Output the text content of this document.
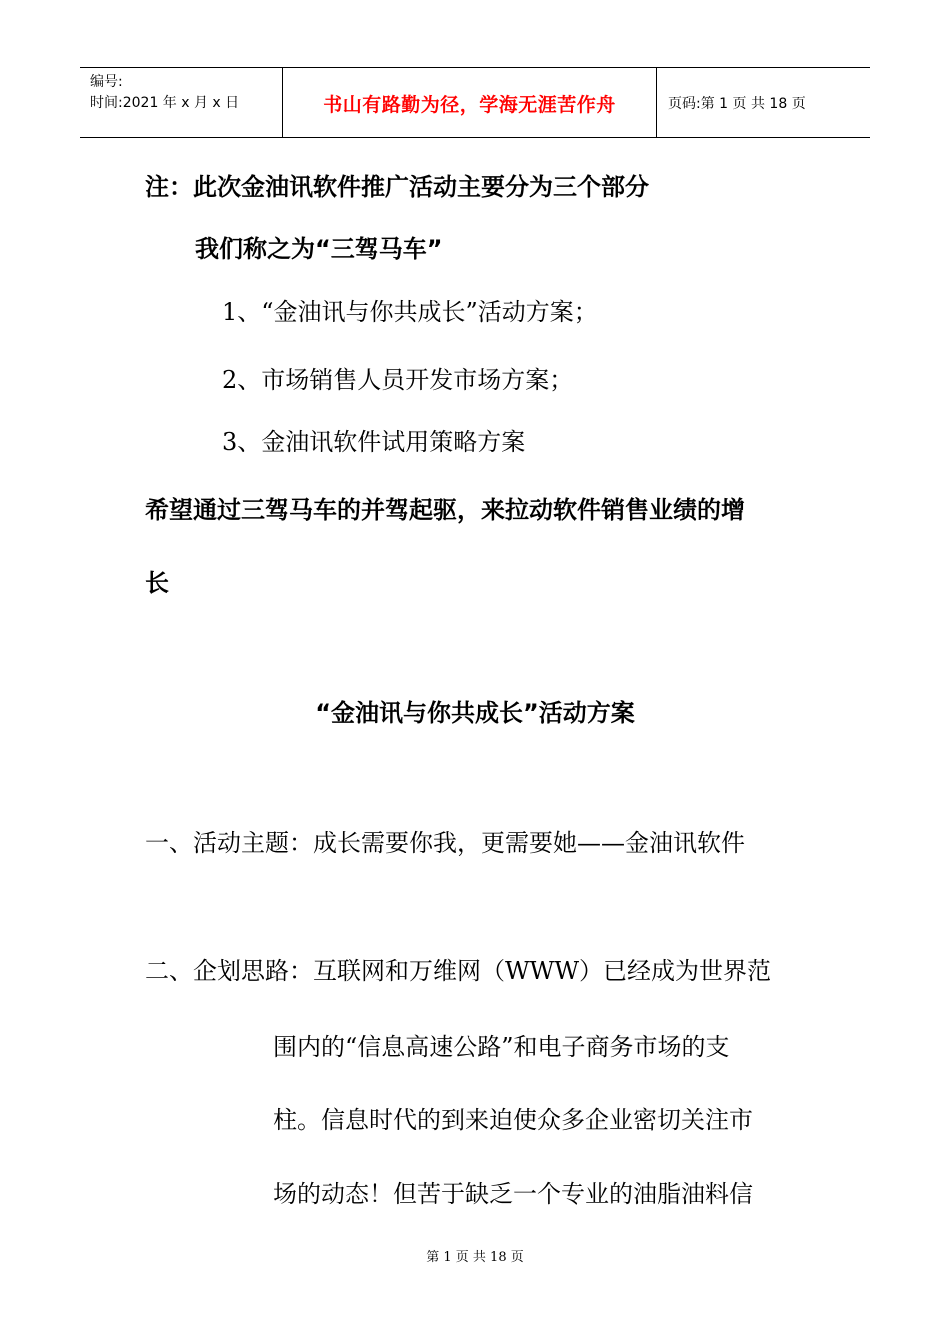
编号:
时间:2021 年 x 月 x 日	书山有路勤为径，学海无涯苦作舟	页码:第 1 页 共 18 页
注：此次金油讯软件推广活动主要分为三个部分
我们称之为“三驾马车”
1、“金油讯与你共成长”活动方案；
2、市场销售人员开发市场方案；
3、金油讯软件试用策略方案
希望通过三驾马车的并驾起驱，来拉动软件销售业绩的增
长
“金油讯与你共成长”活动方案
一、活动主题：成长需要你我，更需要她——金油讯软件
二、企划思路：互联网和万维网（WWW）已经成为世界范
围内的“信息高速公路”和电子商务市场的支
柱。信息时代的到来迫使众多企业密切关注市
场的动态！但苦于缺乏一个专业的油脂油料信
第 1 页 共 18 页
